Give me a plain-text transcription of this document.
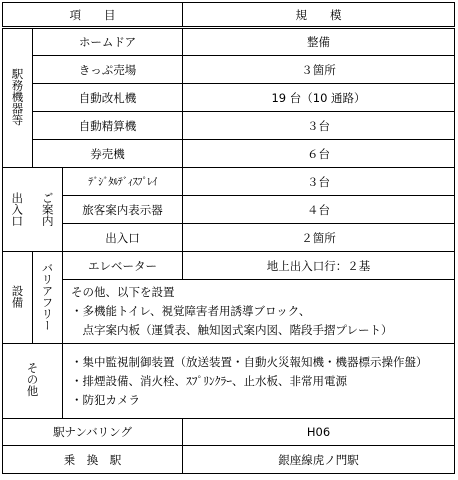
項　　目			規　　模
駅務機器等	ホームドア		整備
	きっぷ売場		３箇所
	自動改札機		19 台（10 通路）
	自動精算機		３台
	券売機		６台

出入口 ご案内		ﾃﾞｼﾞﾀﾙﾃﾞｨｽﾌﾟﾚｲ	３台
		旅客案内表示器	４台
		出入口	２箇所
設備	バリアフリー	エレベーター	地上出入口行：２基

		その他、以下を設置
・多機能トイレ、視覚障害者用誘導ブロック、
　点字案内板（運賃表、触知図式案内図、階段手摺プレート）	

その他		・集中監視制御装置（放送装置・自動火災報知機・機器標示操作盤）
・排煙設備、消火栓、ｽﾌﾟﾘﾝｸﾗｰ、止水板、非常用電源
・防犯カメラ	

駅ナンバリング			H06
乗　換　駅			銀座線虎ノ門駅
